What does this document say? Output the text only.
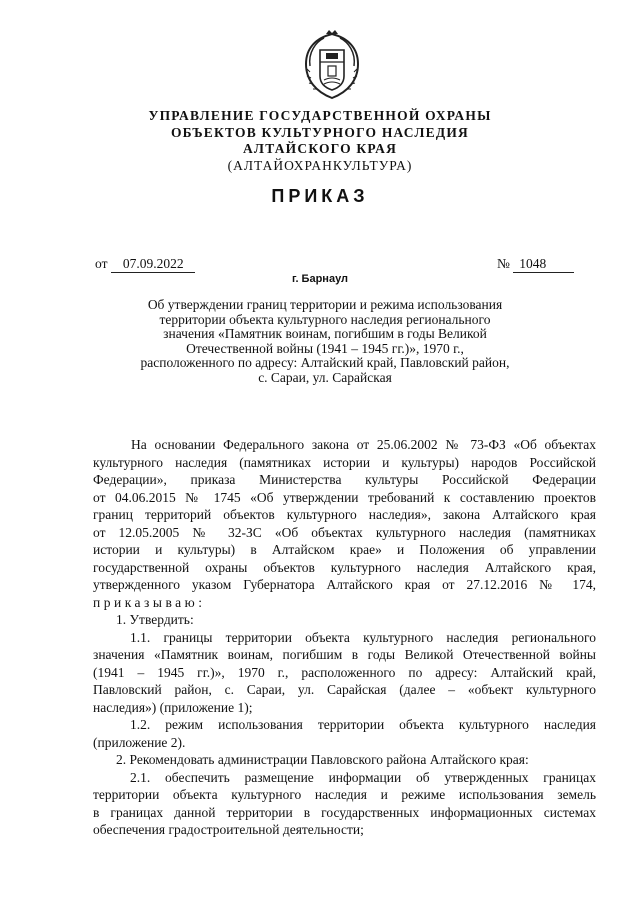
УПРАВЛЕНИЕ ГОСУДАРСТВЕННОЙ ОХРАНЫ
ОБЪЕКТОВ КУЛЬТУРНОГО НАСЛЕДИЯ
АЛТАЙСКОГО КРАЯ
(АЛТАЙОХРАНКУЛЬТУРА)
ПРИКАЗ
от 07.09.2022	№ 1048
г. Барнаул
Об утверждении границ территории и режима использования
территории объекта культурного наследия регионального
значения «Памятник воинам, погибшим в годы Великой
Отечественной войны (1941 – 1945 гг.)», 1970 г.,
расположенного по адресу: Алтайский край, Павловский район,
с. Сараи, ул. Сарайская
На основании Федерального закона от 25.06.2002 № 73-ФЗ «Об объектах
культурного наследия (памятниках истории и культуры) народов Российской
Федерации», приказа Министерства культуры Российской Федерации
от 04.06.2015 № 1745 «Об утверждении требований к составлению проектов
границ территорий объектов культурного наследия», закона Алтайского края
от 12.05.2005 № 32-ЗС «Об объектах культурного наследия (памятниках
истории и культуры) в Алтайском крае» и Положения об управлении
государственной охраны объектов культурного наследия Алтайского края,
утвержденного указом Губернатора Алтайского края от 27.12.2016 № 174,
приказываю:
1. Утвердить:
1.1. границы территории объекта культурного наследия регионального
значения «Памятник воинам, погибшим в годы Великой Отечественной войны
(1941 – 1945 гг.)», 1970 г., расположенного по адресу: Алтайский край,
Павловский район, с. Сараи, ул. Сарайская (далее – «объект культурного
наследия») (приложение 1);
1.2. режим использования территории объекта культурного наследия
(приложение 2).
2. Рекомендовать администрации Павловского района Алтайского края:
2.1. обеспечить размещение информации об утвержденных границах
территории объекта культурного наследия и режиме использования земель
в границах данной территории в государственных информационных системах
обеспечения градостроительной деятельности;
